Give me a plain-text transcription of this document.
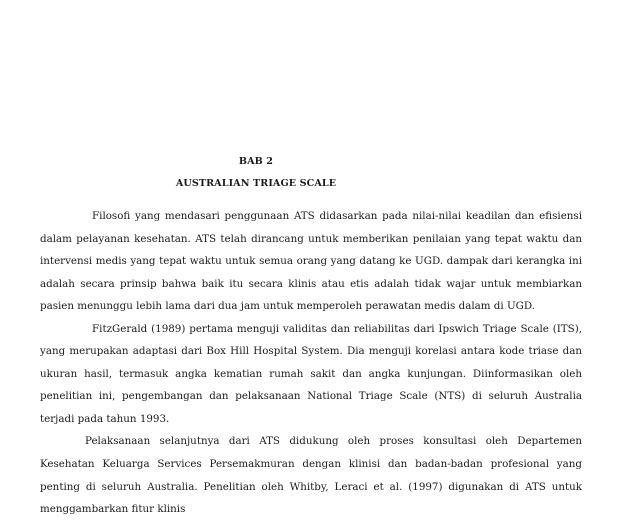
BAB 2
AUSTRALIAN TRIAGE SCALE

Filosofi yang mendasari penggunaan ATS didasarkan pada nilai-nilai keadilan dan efisiensi dalam pelayanan kesehatan. ATS telah dirancang untuk memberikan penilaian yang tepat waktu dan intervensi medis yang tepat waktu untuk semua orang yang datang ke UGD. dampak dari kerangka ini adalah secara prinsip bahwa baik itu secara klinis atau etis adalah tidak wajar untuk membiarkan pasien menunggu lebih lama dari dua jam untuk memperoleh perawatan medis dalam di UGD.

FitzGerald (1989) pertama menguji validitas dan reliabilitas dari Ipswich Triage Scale (ITS), yang merupakan adaptasi dari Box Hill Hospital System. Dia menguji korelasi antara kode triase dan ukuran hasil, termasuk angka kematian rumah sakit dan angka kunjungan. Diinformasikan oleh penelitian ini, pengembangan dan pelaksanaan National Triage Scale (NTS) di seluruh Australia terjadi pada tahun 1993.

Pelaksanaan selanjutnya dari ATS didukung oleh proses konsultasi oleh Departemen Kesehatan Keluarga Services Persemakmuran dengan klinisi dan badan-badan profesional yang penting di seluruh Australia. Penelitian oleh Whitby, Leraci et al. (1997) digunakan di ATS untuk menggambarkan fitur klinis
